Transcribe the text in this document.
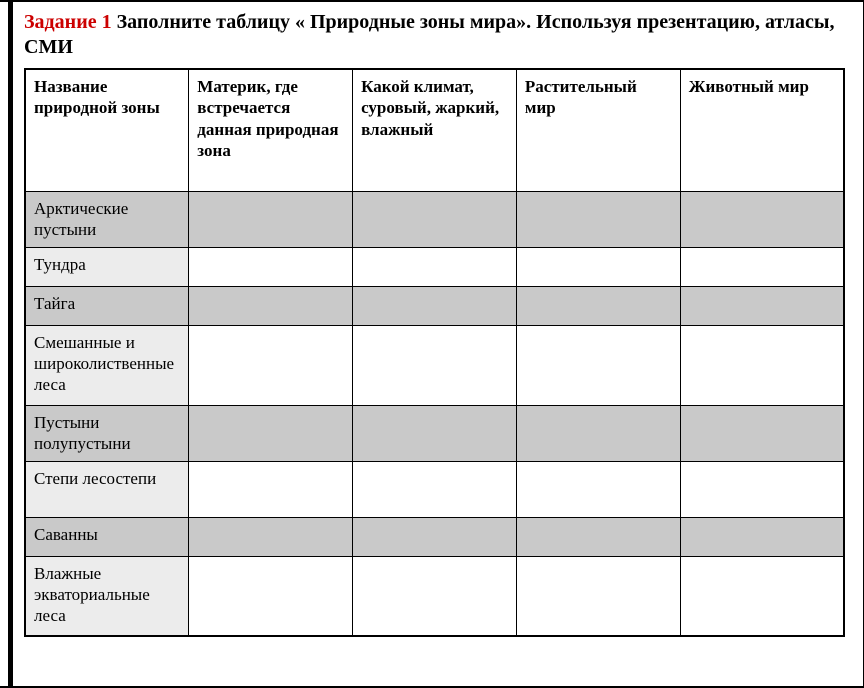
Задание 1 Заполните таблицу « Природные зоны мира». Используя презентацию, атласы, СМИ
Название природной зоны	Материк, где встречается данная природная зона	Какой климат, суровый, жаркий, влажный	Растительный мир	Животный мир
Арктические пустыни				
Тундра				
Тайга				
Смешанные и широколиственные леса				
Пустыни полупустыни				
Степи лесостепи				
Саванны				
Влажные экваториальные леса				
